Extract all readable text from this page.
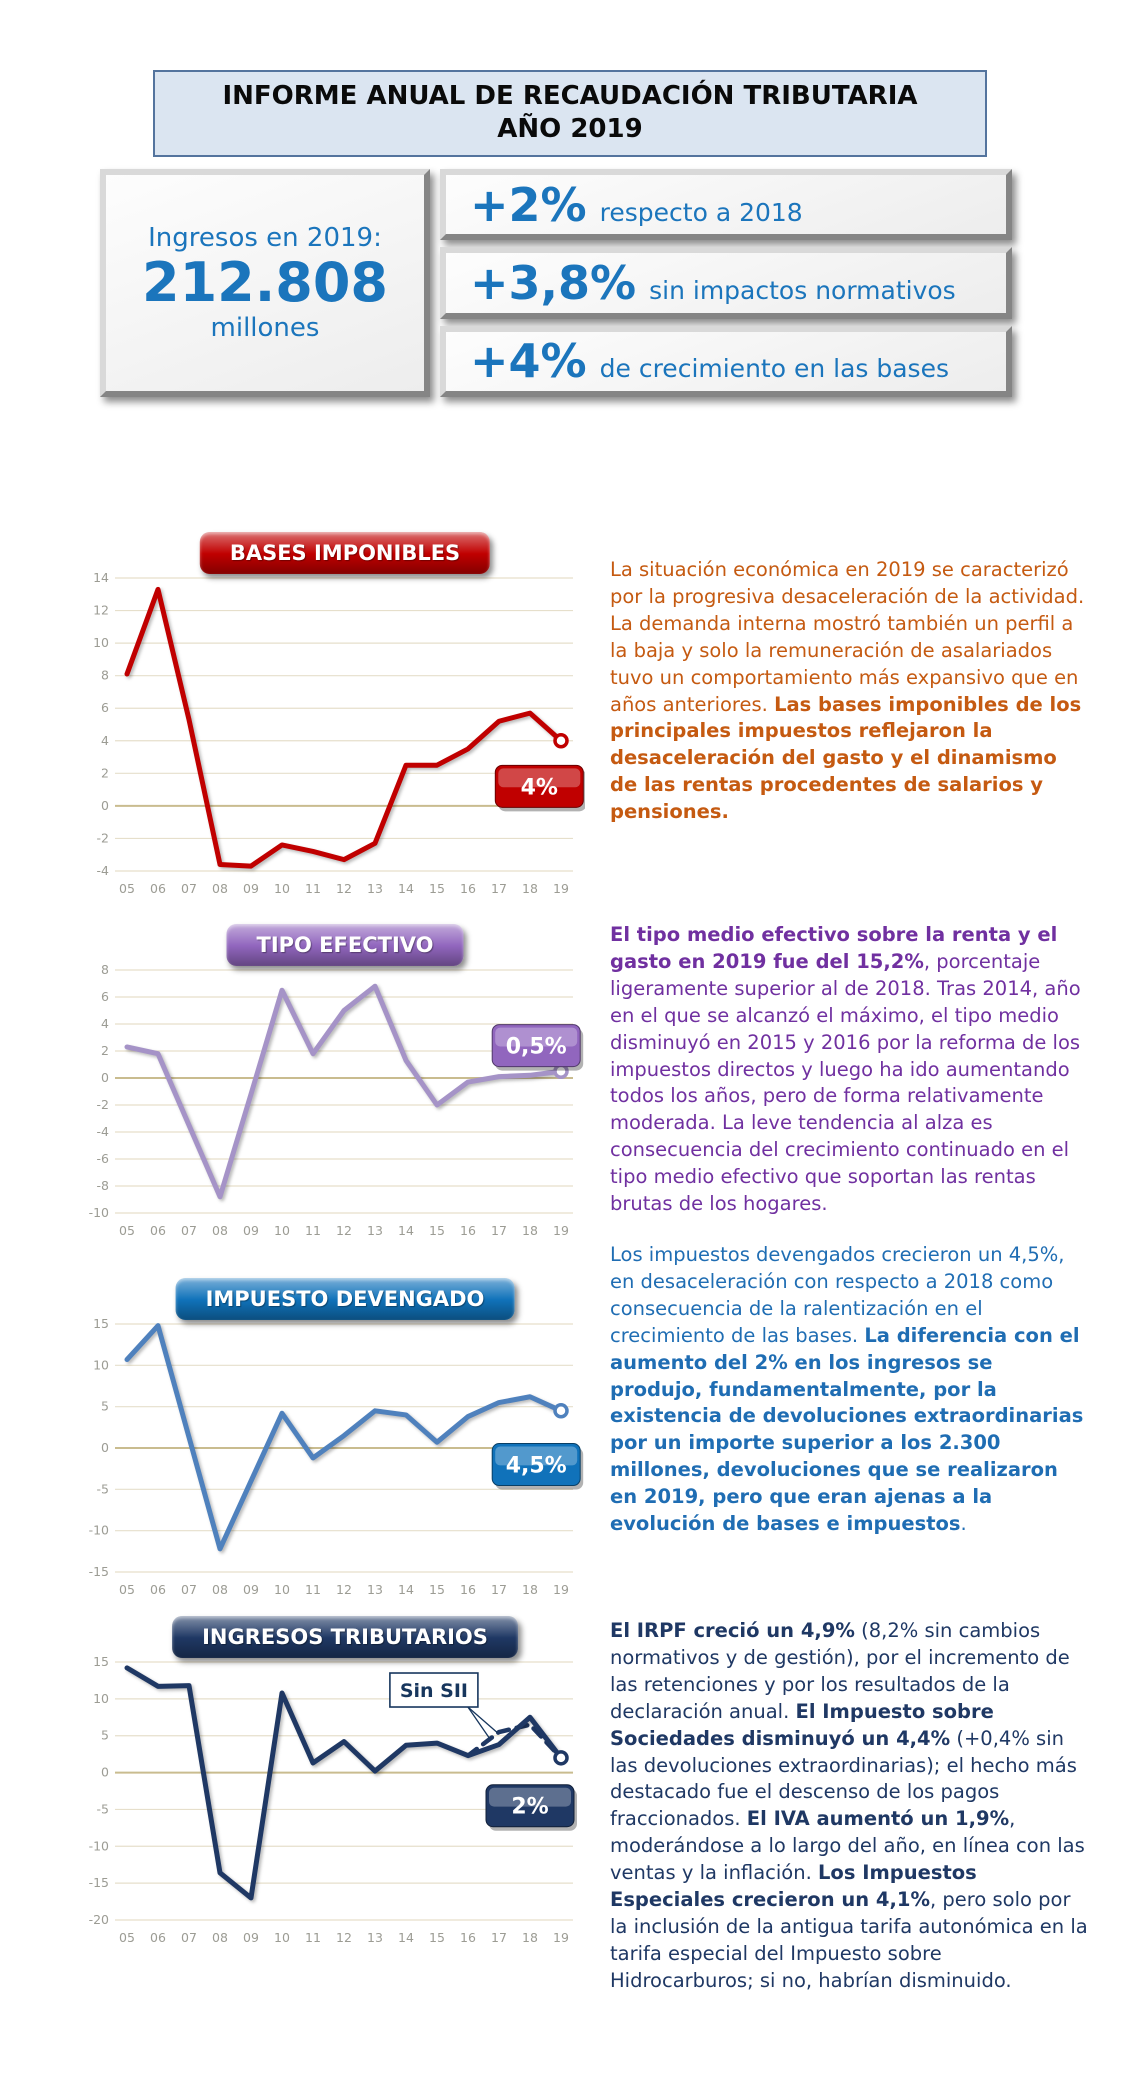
INFORME ANUAL DE RECAUDACIÓN TRIBUTARIA
AÑO 2019
Ingresos en 2019:
212.808
millones
+2% respecto a 2018
+3,8% sin impactos normativos
+4% de crecimiento en las bases
BASES IMPONIBLES
14
12
10
8
6
4
2
0
-2
-4
05 06 07 08 09 10 11 12 13 14 15 16 17 18 19
4%
La situación económica en 2019 se caracterizó por la progresiva desaceleración de la actividad. La demanda interna mostró también un perfil a la baja y solo la remuneración de asalariados tuvo un comportamiento más expansivo que en años anteriores. Las bases imponibles de los principales impuestos reflejaron la desaceleración del gasto y el dinamismo de las rentas procedentes de salarios y pensiones.
TIPO EFECTIVO
8
6
4
2
0
-2
-4
-6
-8
-10
05 06 07 08 09 10 11 12 13 14 15 16 17 18 19
0,5%
El tipo medio efectivo sobre la renta y el gasto en 2019 fue del 15,2%, porcentaje ligeramente superior al de 2018. Tras 2014, año en el que se alcanzó el máximo, el tipo medio disminuyó en 2015 y 2016 por la reforma de los impuestos directos y luego ha ido aumentando todos los años, pero de forma relativamente moderada. La leve tendencia al alza es consecuencia del crecimiento continuado en el tipo medio efectivo que soportan las rentas brutas de los hogares.
IMPUESTO DEVENGADO
15
10
5
0
-5
-10
-15
05 06 07 08 09 10 11 12 13 14 15 16 17 18 19
4,5%
Los impuestos devengados crecieron un 4,5%, en desaceleración con respecto a 2018 como consecuencia de la ralentización en el crecimiento de las bases. La diferencia con el aumento del 2% en los ingresos se produjo, fundamentalmente, por la existencia de devoluciones extraordinarias por un importe superior a los 2.300 millones, devoluciones que se realizaron en 2019, pero que eran ajenas a la evolución de bases e impuestos.
INGRESOS TRIBUTARIOS
15
10
5
0
-5
-10
-15
-20
05 06 07 08 09 10 11 12 13 14 15 16 17 18 19
Sin SII
2%
El IRPF creció un 4,9% (8,2% sin cambios normativos y de gestión), por el incremento de las retenciones y por los resultados de la declaración anual. El Impuesto sobre Sociedades disminuyó un 4,4% (+0,4% sin las devoluciones extraordinarias); el hecho más destacado fue el descenso de los pagos fraccionados. El IVA aumentó un 1,9%, moderándose a lo largo del año, en línea con las ventas y la inflación. Los Impuestos Especiales crecieron un 4,1%, pero solo por la inclusión de la antigua tarifa autonómica en la tarifa especial del Impuesto sobre Hidrocarburos; si no, habrían disminuido.
